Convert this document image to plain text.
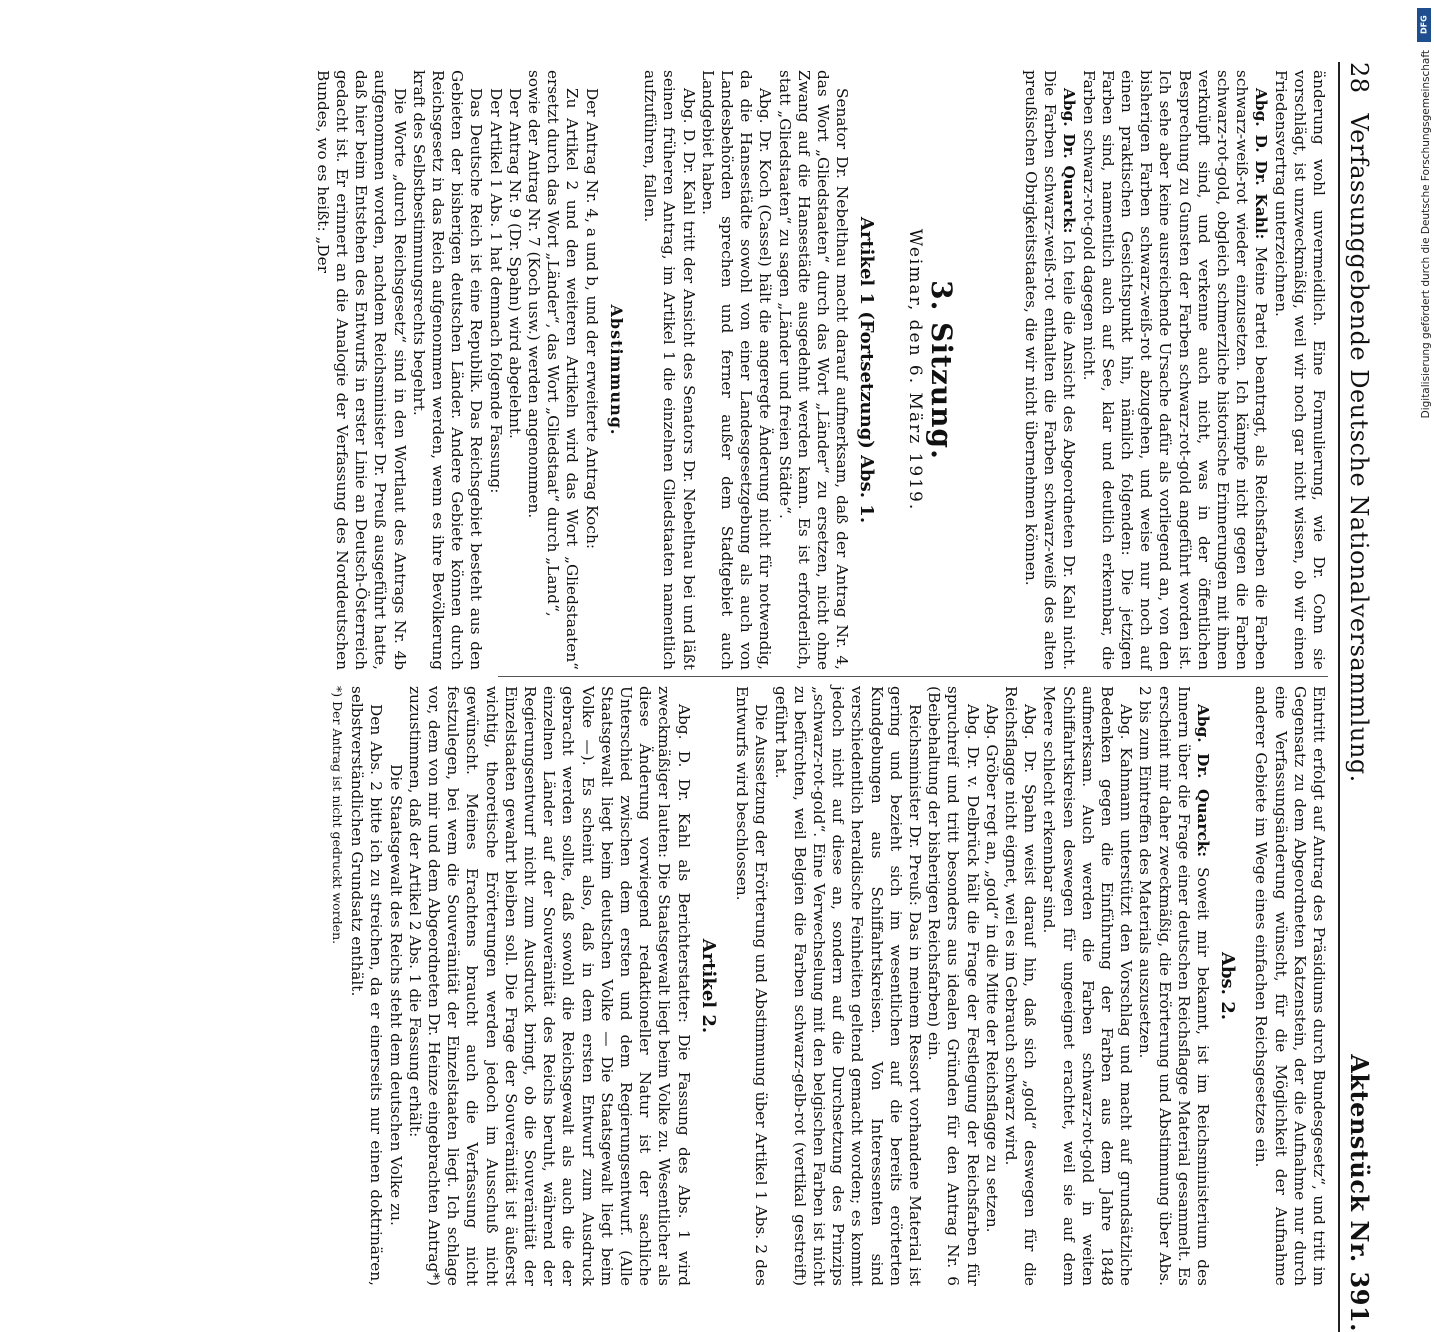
28
Verfassunggebende Deutsche Nationalversammlung.
Aktenstück Nr. 391.

änderung wohl unvermeidlich. Eine Formulierung, wie Dr. Cohn sie vorschlägt, ist unzweckmäßig, weil wir noch gar nicht wissen, ob wir einen Friedensvertrag unterzeichnen.

Abg. D. Dr. Kahl: Meine Partei beantragt, als Reichsfarben die Farben schwarz-weiß-rot wieder einzusetzen. Ich kämpfe nicht gegen die Farben schwarz-rot-gold, obgleich schmerzliche historische Erinnerungen mit ihnen verknüpft sind, und verkenne auch nicht, was in der öffentlichen Besprechung zu Gunsten der Farben schwarz-rot-gold angeführt worden ist. Ich sehe aber keine ausreichende Ursache dafür als vorliegend an, von den bisherigen Farben schwarz-weiß-rot abzugehen, und weise nur noch auf einen praktischen Gesichtspunkt hin, nämlich folgenden: Die jetzigen Farben sind, namentlich auch auf See, klar und deutlich erkennbar, die Farben schwarz-rot-gold dagegen nicht.

Abg. Dr. Quarck: Ich teile die Ansicht des Abgeordneten Dr. Kahl nicht. Die Farben schwarz-weiß-rot enthalten die Farben schwarz-weiß des alten preußischen Obrigkeitsstaates, die wir nicht übernehmen können.

3. Sitzung.
Weimar, den 6. März 1919.
Artikel 1 (Fortsetzung) Abs. 1.

Senator Dr. Nebelthau macht darauf aufmerksam, daß der Antrag Nr. 4, das Wort „Gliedstaaten“ durch das Wort „Länder“ zu ersetzen, nicht ohne Zwang auf die Hansestädte ausgedehnt werden kann. Es ist erforderlich, statt „Gliedstaaten“ zu sagen „Länder und freien Städte“.

Abg. Dr. Koch (Cassel) hält die angeregte Änderung nicht für notwendig, da die Hansestädte sowohl von einer Landesgesetzgebung als auch von Landesbehörden sprechen und ferner außer dem Stadtgebiet auch Landgebiet haben.

Abg. D. Dr. Kahl tritt der Ansicht des Senators Dr. Nebelthau bei und läßt seinen früheren Antrag, im Artikel 1 die einzelnen Gliedstaaten namentlich aufzuführen, fallen.

Abstimmung.

Der Antrag Nr. 4, a und b, und der erweiterte Antrag Koch:

Zu Artikel 2 und den weiteren Artikeln wird das Wort „Gliedstaaten“ ersetzt durch das Wort „Länder“, das Wort „Gliedstaat“ durch „Land“,

sowie der Antrag Nr. 7 (Koch usw.) werden angenommen.

Der Antrag Nr. 9 (Dr. Spahn) wird abgelehnt.

Der Artikel 1 Abs. 1 hat demnach folgende Fassung:

Das Deutsche Reich ist eine Republik. Das Reichsgebiet besteht aus den Gebieten der bisherigen deutschen Länder. Andere Gebiete können durch Reichsgesetz in das Reich aufgenommen werden, wenn es ihre Bevölkerung kraft des Selbstbestimmungsrechts begehrt.

Die Worte „durch Reichsgesetz“ sind in den Wortlaut des Antrags Nr. 4b aufgenommen worden, nachdem Reichsminister Dr. Preuß ausgeführt hatte, daß hier beim Entstehen des Entwurfs in erster Linie an Deutsch-Österreich gedacht ist. Er erinnert an die Analogie der Verfassung des Norddeutschen Bundes, wo es heißt: „Der

Eintritt erfolgt auf Antrag des Präsidiums durch Bundesgesetz“, und tritt im Gegensatz zu dem Abgeordneten Katzenstein, der die Aufnahme nur durch eine Verfassungsänderung wünscht, für die Möglichkeit der Aufnahme anderer Gebiete im Wege eines einfachen Reichsgesetzes ein.

Abs. 2.

Abg. Dr. Quarck: Soweit mir bekannt, ist im Reichsministerium des Innern über die Frage einer deutschen Reichsflagge Material gesammelt. Es erscheint mir daher zweckmäßig, die Erörterung und Abstimmung über Abs. 2 bis zum Eintreffen des Materials auszusetzen.

Abg. Kahmann unterstützt den Vorschlag und macht auf grundsätzliche Bedenken gegen die Einführung der Farben aus dem Jahre 1848 aufmerksam. Auch werden die Farben schwarz-rot-gold in weiten Schiffahrtskreisen deswegen für ungeeignet erachtet, weil sie auf dem Meere schlecht erkennbar sind.

Abg. Dr. Spahn weist darauf hin, daß sich „gold“ deswegen für die Reichsflagge nicht eignet, weil es im Gebrauch schwarz wird.

Abg. Gröber regt an, „gold“ in die Mitte der Reichsflagge zu setzen.

Abg. Dr. v. Delbrück hält die Frage der Festlegung der Reichsfarben für spruchreif und tritt besonders aus idealen Gründen für den Antrag Nr. 6 (Beibehaltung der bisherigen Reichsfarben) ein.

Reichsminister Dr. Preuß: Das in meinem Ressort vorhandene Material ist gering und bezieht sich im wesentlichen auf die bereits erörterten Kundgebungen aus Schiffahrtskreisen. Von Interessenten sind verschiedentlich heraldische Feinheiten geltend gemacht worden; es kommt jedoch nicht auf diese an, sondern auf die Durchsetzung des Prinzips „schwarz-rot-gold“. Eine Verwechselung mit den belgischen Farben ist nicht zu befürchten, weil Belgien die Farben schwarz-gelb-rot (vertikal gestreift) geführt hat.

Die Aussetzung der Erörterung und Abstimmung über Artikel 1 Abs. 2 des Entwurfs wird beschlossen.

Artikel 2.

Abg. D. Dr. Kahl als Berichterstatter: Die Fassung des Abs. 1 wird zweckmäßiger lauten: Die Staatsgewalt liegt beim Volke zu. Wesentlicher als diese Änderung vorwiegend redaktioneller Natur ist der sachliche Unterschied zwischen dem ersten und dem Regierungsentwurf. (Alle Staatsgewalt liegt beim deutschen Volke — Die Staatsgewalt liegt beim Volke —). Es scheint also, daß in dem ersten Entwurf zum Ausdruck gebracht werden sollte, daß sowohl die Reichsgewalt als auch die der einzelnen Länder auf der Souveränität des Reichs beruht, während der Regierungsentwurf nicht zum Ausdruck bringt, ob die Souveränität der Einzelstaaten gewahrt bleiben soll. Die Frage der Souveränität ist äußerst wichtig, theoretische Erörterungen werden jedoch im Ausschuß nicht gewünscht. Meines Erachtens braucht auch die Verfassung nicht festzulegen, bei wem die Souveränität der Einzelstaaten liegt. Ich schlage vor, dem von mir und dem Abgeordneten Dr. Heinze eingebrachten Antrag*) zuzustimmen, daß der Artikel 2 Abs. 1 die Fassung erhält:

Die Staatsgewalt des Reichs steht dem deutschen Volke zu.

Den Abs. 2 bitte ich zu streichen, da er einerseits nur einen doktrinären, selbstverständlichen Grundsatz enthält.

*) Der Antrag ist nicht gedruckt worden.

DFG
Digitalisierung gefördert durch die Deutsche Forschungsgemeinschaft
